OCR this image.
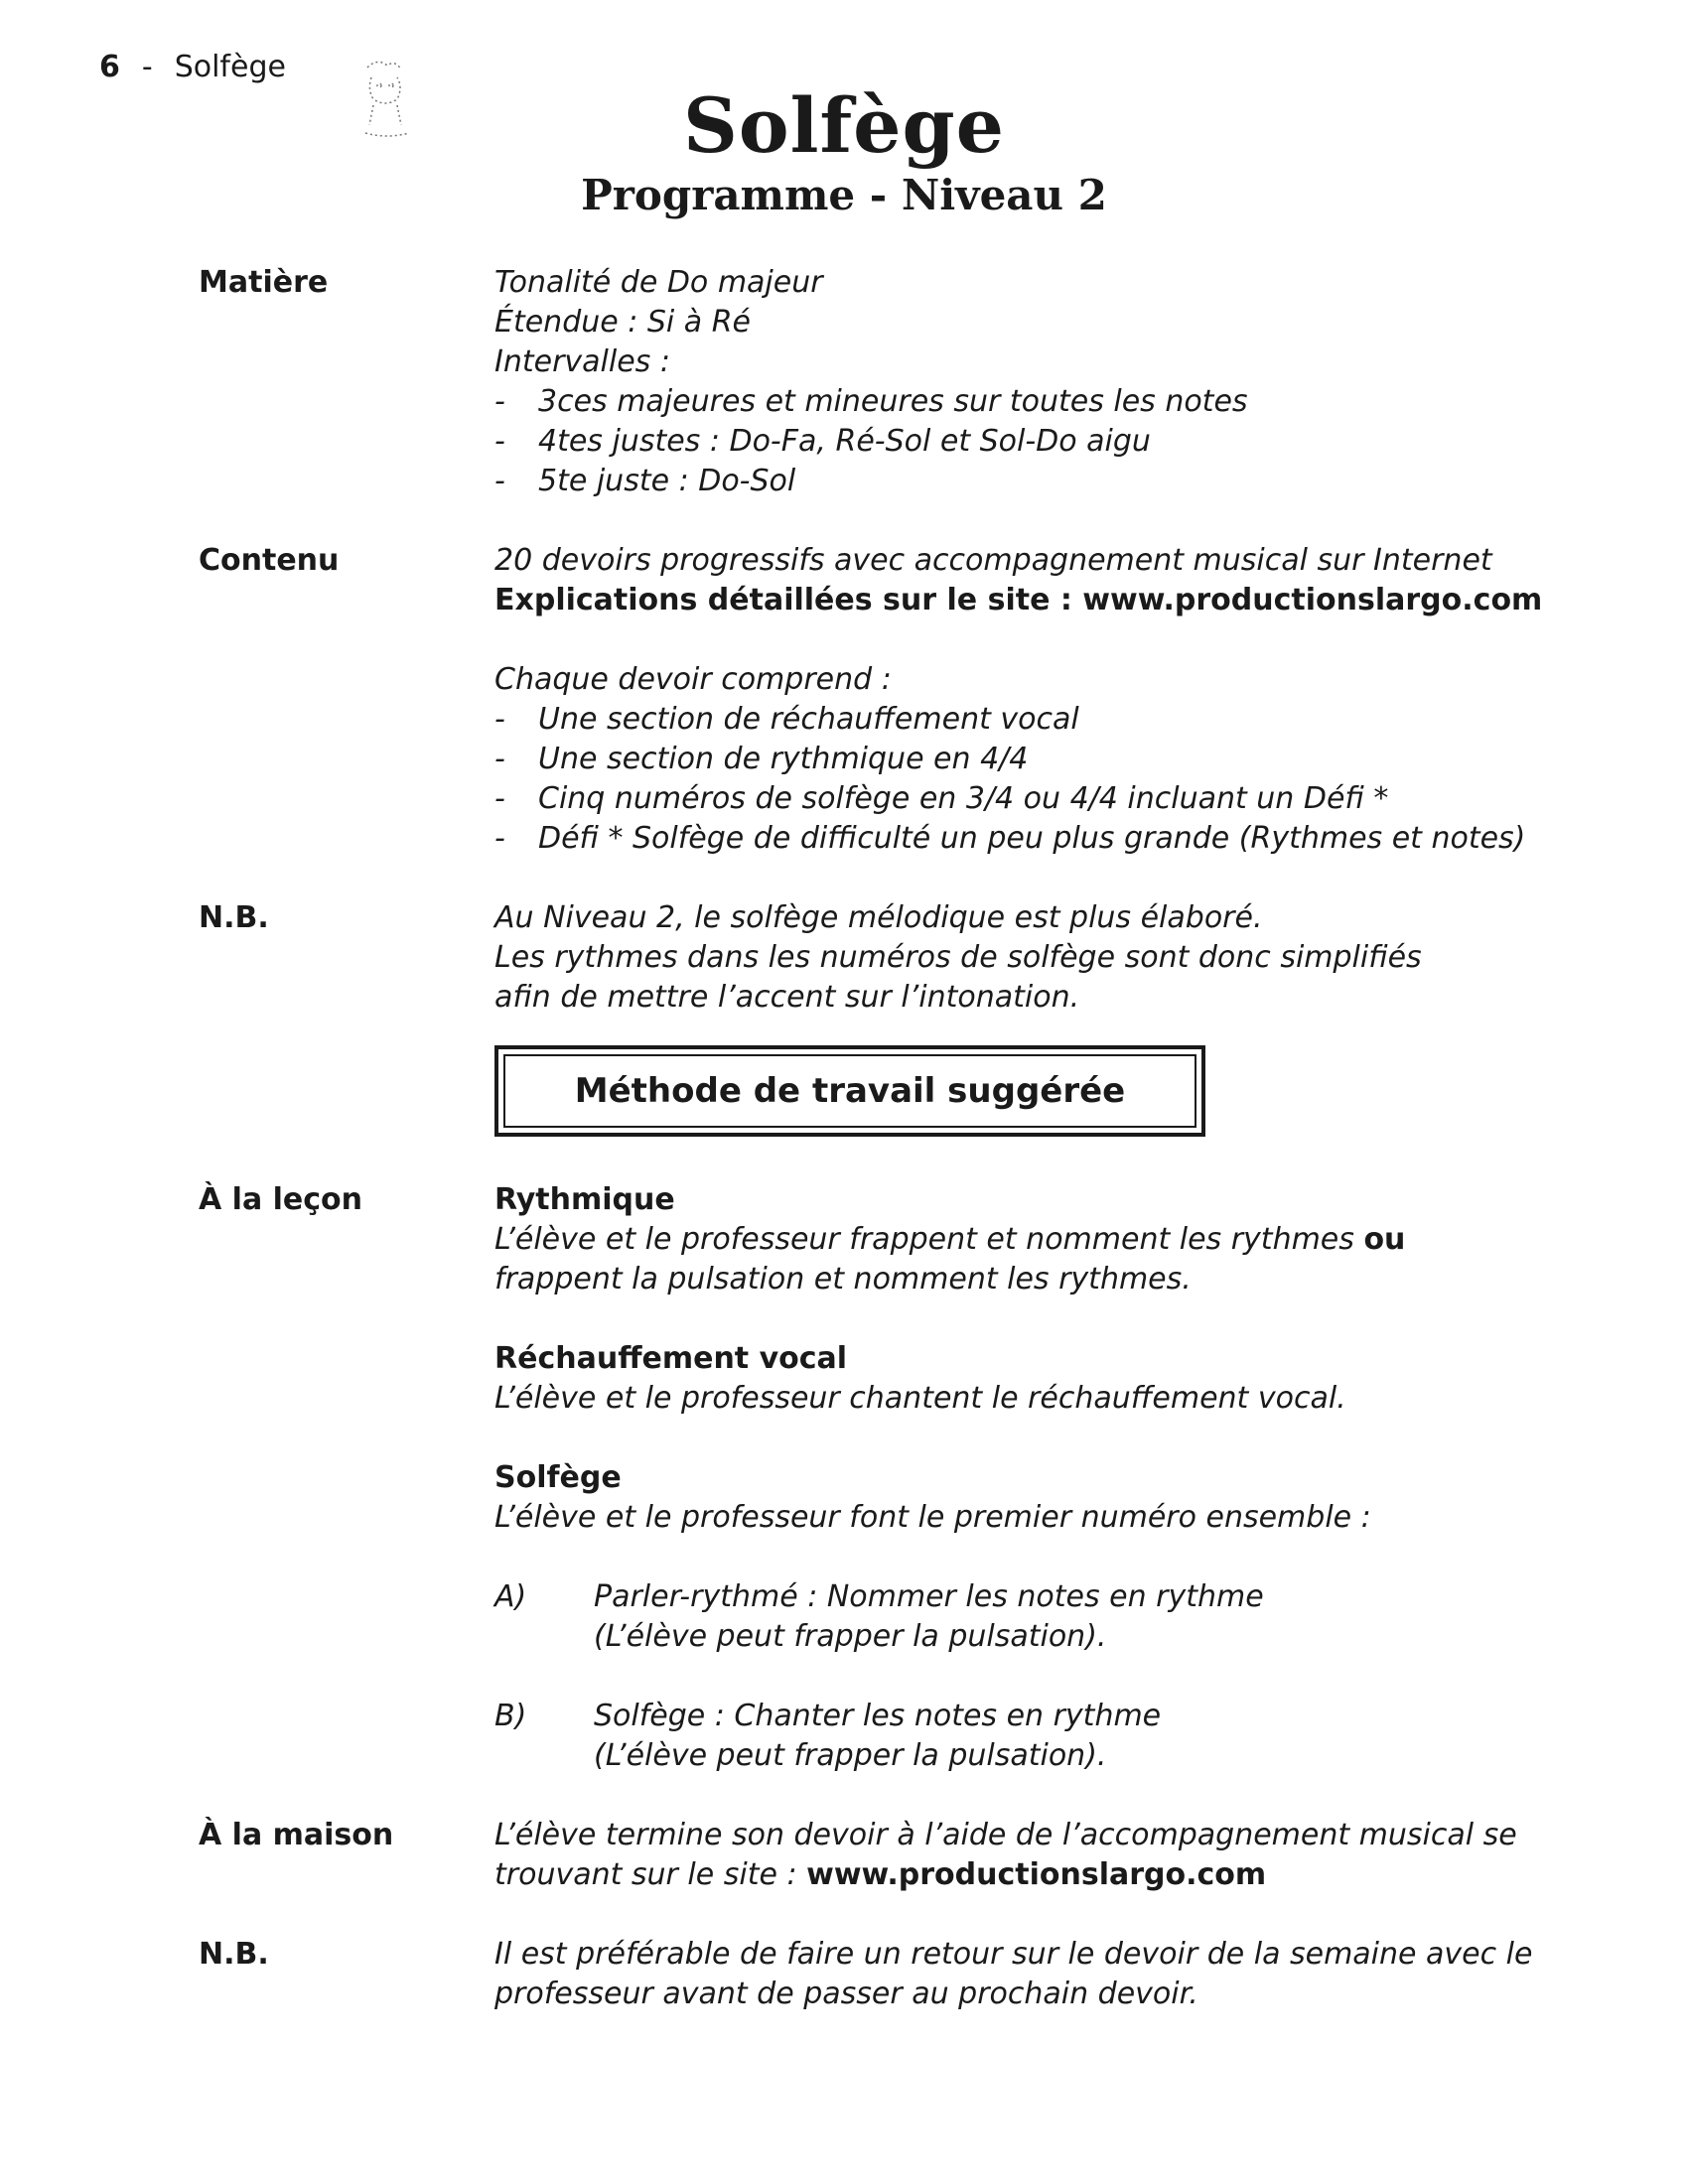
6 - Solfège
Solfège
Programme - Niveau 2
Matière	Tonalité de Do majeur
Étendue : Si à Ré
Intervalles :
-	3ces majeures et mineures sur toutes les notes
-	4tes justes : Do-Fa, Ré-Sol et Sol-Do aigu
-	5te juste : Do-Sol
Contenu	20 devoirs progressifs avec accompagnement musical sur Internet
Explications détaillées sur le site : www.productionslargo.com
Chaque devoir comprend :
-	Une section de réchauffement vocal
-	Une section de rythmique en 4/4
-	Cinq numéros de solfège en 3/4 ou 4/4 incluant un Défi *
-	Défi * Solfège de difficulté un peu plus grande (Rythmes et notes)
N.B.	Au Niveau 2, le solfège mélodique est plus élaboré.
Les rythmes dans les numéros de solfège sont donc simplifiés
afin de mettre l’accent sur l’intonation.
Méthode de travail suggérée
À la leçon	Rythmique
L’élève et le professeur frappent et nomment les rythmes ou
frappent la pulsation et nomment les rythmes.
Réchauffement vocal
L’élève et le professeur chantent le réchauffement vocal.
Solfège
L’élève et le professeur font le premier numéro ensemble :
A)	Parler-rythmé : Nommer les notes en rythme
(L’élève peut frapper la pulsation).
B)	Solfège : Chanter les notes en rythme
(L’élève peut frapper la pulsation).
À la maison	L’élève termine son devoir à l’aide de l’accompagnement musical se
trouvant sur le site : www.productionslargo.com
N.B.	Il est préférable de faire un retour sur le devoir de la semaine avec le
professeur avant de passer au prochain devoir.
